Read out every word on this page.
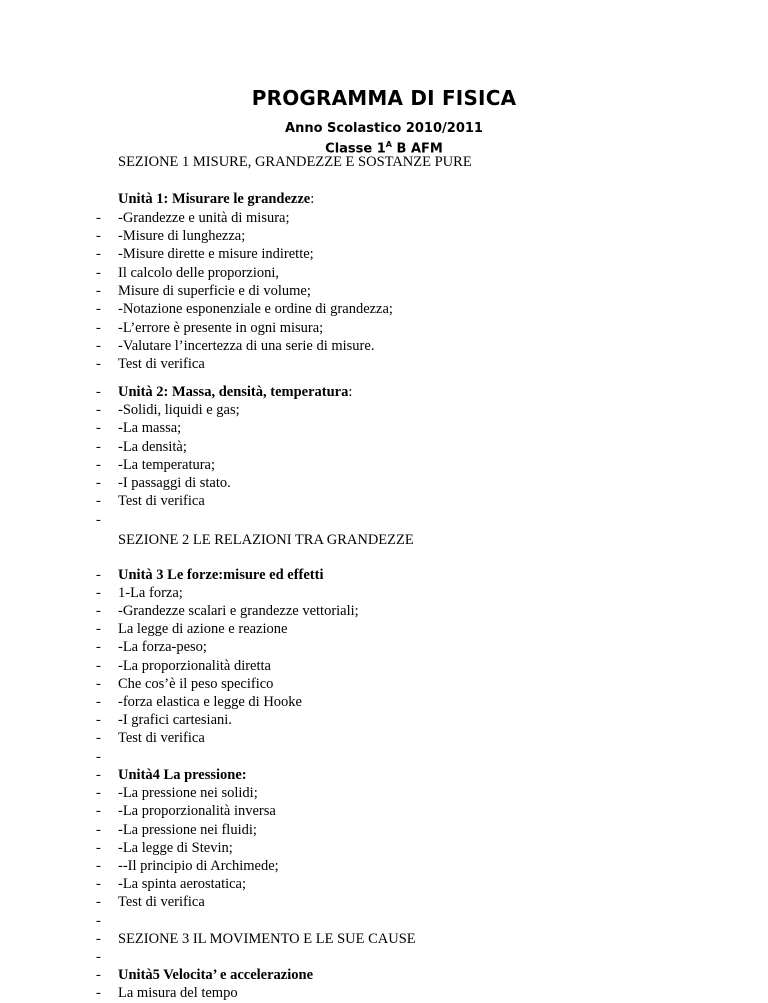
PROGRAMMA DI FISICA
Anno Scolastico 2010/2011
Classe $1^A$ B AFM
SEZIONE 1 MISURE, GRANDEZZE E SOSTANZE PURE
Unità 1: Misurare le grandezze:
-	-Grandezze e unità di misura;
-	-Misure di lunghezza;
-	-Misure dirette e misure indirette;
-	Il calcolo delle proporzioni,
-	Misure di superficie e di volume;
-	-Notazione esponenziale e ordine di grandezza;
-	-L’errore è presente in ogni misura;
-	-Valutare l’incertezza di una serie di misure.
-	Test di verifica
-	Unità 2: Massa, densità, temperatura:
-	-Solidi, liquidi e gas;
-	-La massa;
-	-La densità;
-	-La temperatura;
-	-I passaggi di stato.
-	Test di verifica
-
SEZIONE 2 LE RELAZIONI TRA GRANDEZZE
-	Unità 3 Le forze:misure ed effetti
-	1-La forza;
-	-Grandezze scalari e grandezze vettoriali;
-	La legge di azione e reazione
-	-La forza-peso;
-	-La proporzionalità diretta
-	Che cos’è il peso specifico
-	-forza elastica e legge di Hooke
-	-I grafici cartesiani.
-	Test di verifica
-
-	Unità4 La pressione:
-	-La pressione nei solidi;
-	-La proporzionalità inversa
-	-La pressione nei fluidi;
-	-La legge di Stevin;
-	--Il principio di Archimede;
-	-La spinta aerostatica;
-	Test di verifica
-
-	SEZIONE 3 IL MOVIMENTO E LE SUE CAUSE
-
-	Unità5 Velocita’ e accelerazione
-	La misura del tempo
